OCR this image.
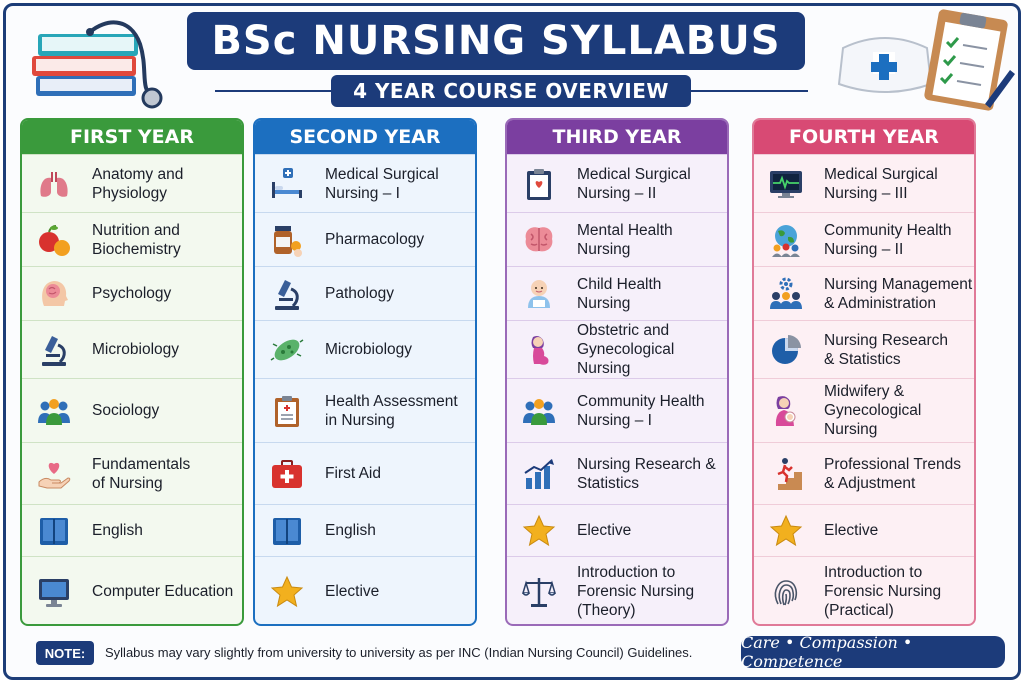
BSc NURSING SYLLABUS
4 YEAR COURSE OVERVIEW
FIRST YEAR
Anatomy and
Physiology
Nutrition and
Biochemistry
Psychology
Microbiology
Sociology
Fundamentals
of Nursing
English
Computer Education
SECOND YEAR
Medical Surgical
Nursing – I
Pharmacology
Pathology
Microbiology
Health Assessment
in Nursing
First Aid
English
Elective
THIRD YEAR
Medical Surgical
Nursing – II
Mental Health
Nursing
Child Health
Nursing
Obstetric and
Gynecological
Nursing
Community Health
Nursing – I
Nursing Research &
Statistics
Elective
Introduction to
Forensic Nursing
(Theory)
FOURTH YEAR
Medical Surgical
Nursing – III
Community Health
Nursing – II
Nursing Management
& Administration
Nursing Research
& Statistics
Midwifery &
Gynecological
Nursing
Professional Trends
& Adjustment
Elective
Introduction to
Forensic Nursing
(Practical)
NOTE:	Syllabus may vary slightly from university to university as per INC (Indian Nursing Council) Guidelines.
Care • Compassion • Competence
